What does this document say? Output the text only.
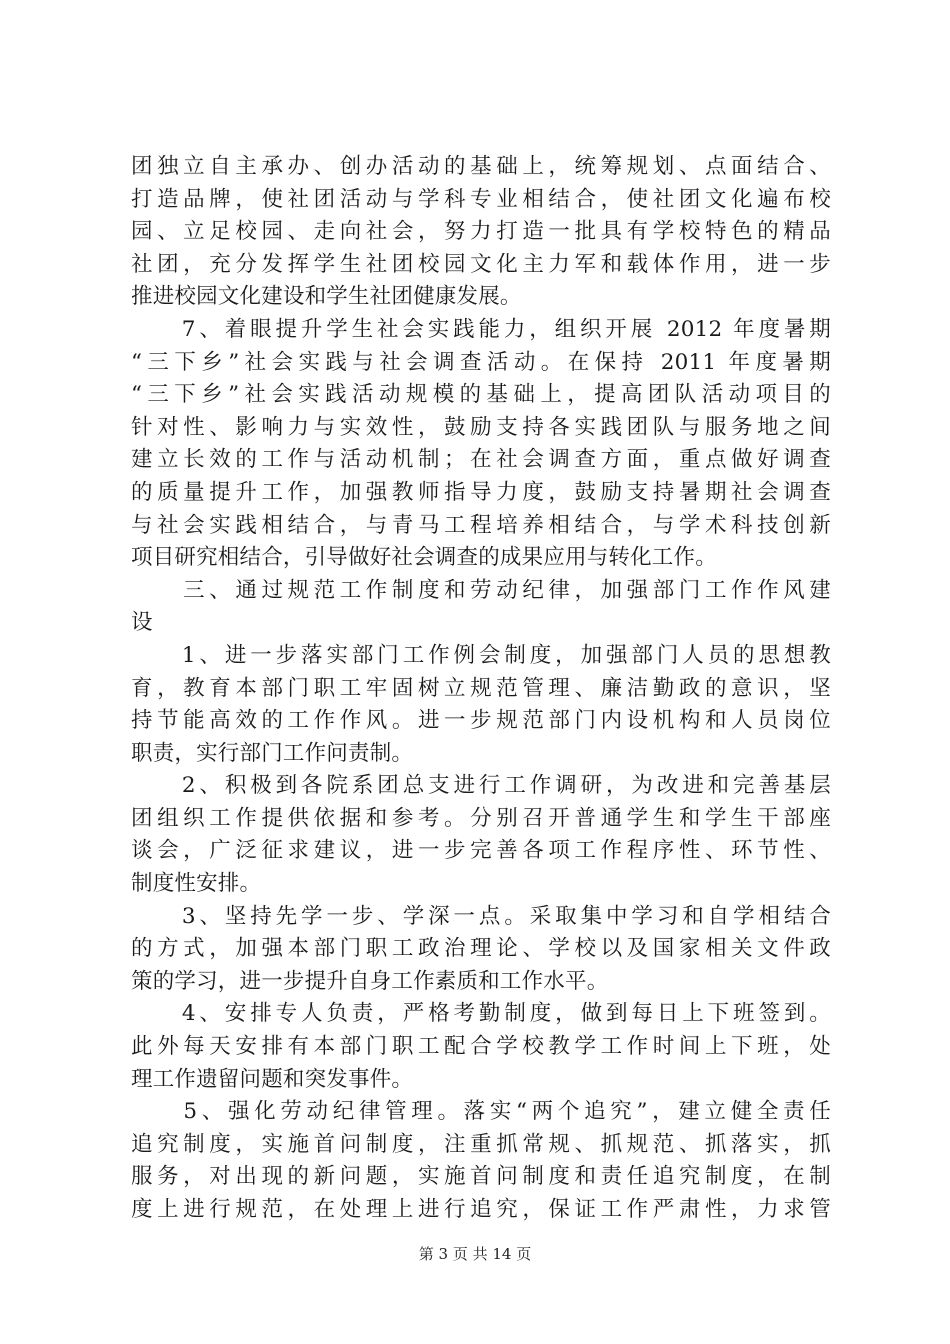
团独立自主承办、创办活动的基础上，统筹规划、点面结合、
打造品牌，使社团活动与学科专业相结合，使社团文化遍布校
园、立足校园、走向社会，努力打造一批具有学校特色的精品
社团，充分发挥学生社团校园文化主力军和载体作用，进一步
推进校园文化建设和学生社团健康发展。
　　7、着眼提升学生社会实践能力，组织开展 2012 年度暑期
“三下乡”社会实践与社会调查活动。在保持 2011 年度暑期
“三下乡”社会实践活动规模的基础上，提高团队活动项目的
针对性、影响力与实效性，鼓励支持各实践团队与服务地之间
建立长效的工作与活动机制；在社会调查方面，重点做好调查
的质量提升工作，加强教师指导力度，鼓励支持暑期社会调查
与社会实践相结合，与青马工程培养相结合，与学术科技创新
项目研究相结合，引导做好社会调查的成果应用与转化工作。
　　三、通过规范工作制度和劳动纪律，加强部门工作作风建
设
　　1、进一步落实部门工作例会制度，加强部门人员的思想教
育，教育本部门职工牢固树立规范管理、廉洁勤政的意识，坚
持节能高效的工作作风。进一步规范部门内设机构和人员岗位
职责，实行部门工作问责制。
　　2、积极到各院系团总支进行工作调研，为改进和完善基层
团组织工作提供依据和参考。分别召开普通学生和学生干部座
谈会，广泛征求建议，进一步完善各项工作程序性、环节性、
制度性安排。
　　3、坚持先学一步、学深一点。采取集中学习和自学相结合
的方式，加强本部门职工政治理论、学校以及国家相关文件政
策的学习，进一步提升自身工作素质和工作水平。
　　4、安排专人负责，严格考勤制度，做到每日上下班签到。
此外每天安排有本部门职工配合学校教学工作时间上下班，处
理工作遗留问题和突发事件。
　　5、强化劳动纪律管理。落实“两个追究”，建立健全责任
追究制度，实施首问制度，注重抓常规、抓规范、抓落实，抓
服务，对出现的新问题，实施首问制度和责任追究制度，在制
度上进行规范，在处理上进行追究，保证工作严肃性，力求管
第 3 页 共 14 页
